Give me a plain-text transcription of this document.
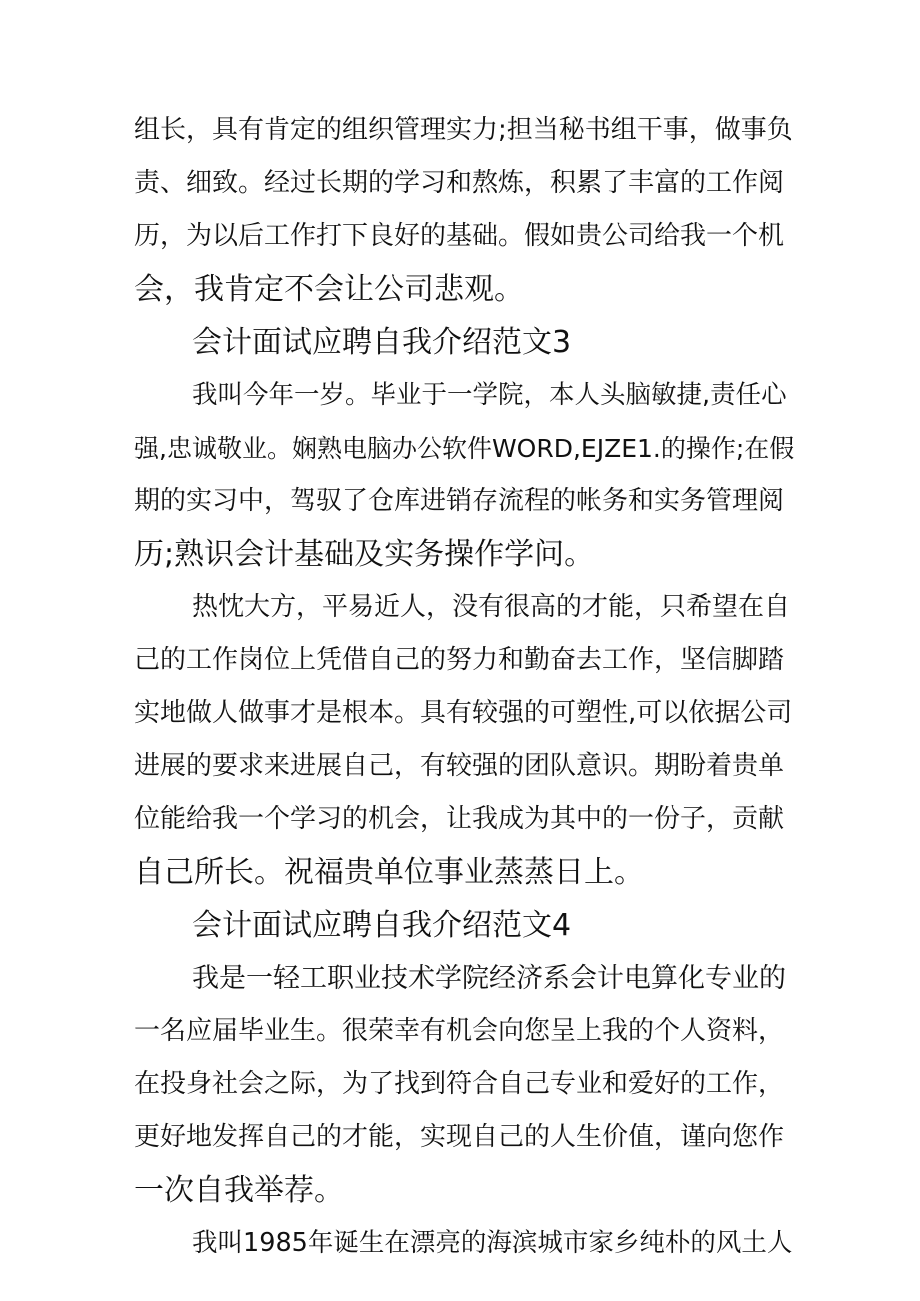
组长，具有肯定的组织管理实力;担当秘书组干事，做事负
责、细致。经过长期的学习和熬炼，积累了丰富的工作阅
历，为以后工作打下良好的基础。假如贵公司给我一个机
会，我肯定不会让公司悲观。
会计面试应聘自我介绍范文3
我叫今年一岁。毕业于一学院，本人头脑敏捷,责任心
强,忠诚敬业。娴熟电脑办公软件WORD,EJZE1.的操作;在假
期的实习中，驾驭了仓库进销存流程的帐务和实务管理阅
历;熟识会计基础及实务操作学问。
热忱大方，平易近人，没有很高的才能，只希望在自
己的工作岗位上凭借自己的努力和勤奋去工作，坚信脚踏
实地做人做事才是根本。具有较强的可塑性,可以依据公司
进展的要求来进展自己，有较强的团队意识。期盼着贵单
位能给我一个学习的机会，让我成为其中的一份子，贡献
自己所长。祝福贵单位事业蒸蒸日上。
会计面试应聘自我介绍范文4
我是一轻工职业技术学院经济系会计电算化专业的
一名应届毕业生。很荣幸有机会向您呈上我的个人资料，
在投身社会之际，为了找到符合自己专业和爱好的工作，
更好地发挥自己的才能，实现自己的人生价值，谨向您作
一次自我举荐。
我叫1985年诞生在漂亮的海滨城市家乡纯朴的风土人
